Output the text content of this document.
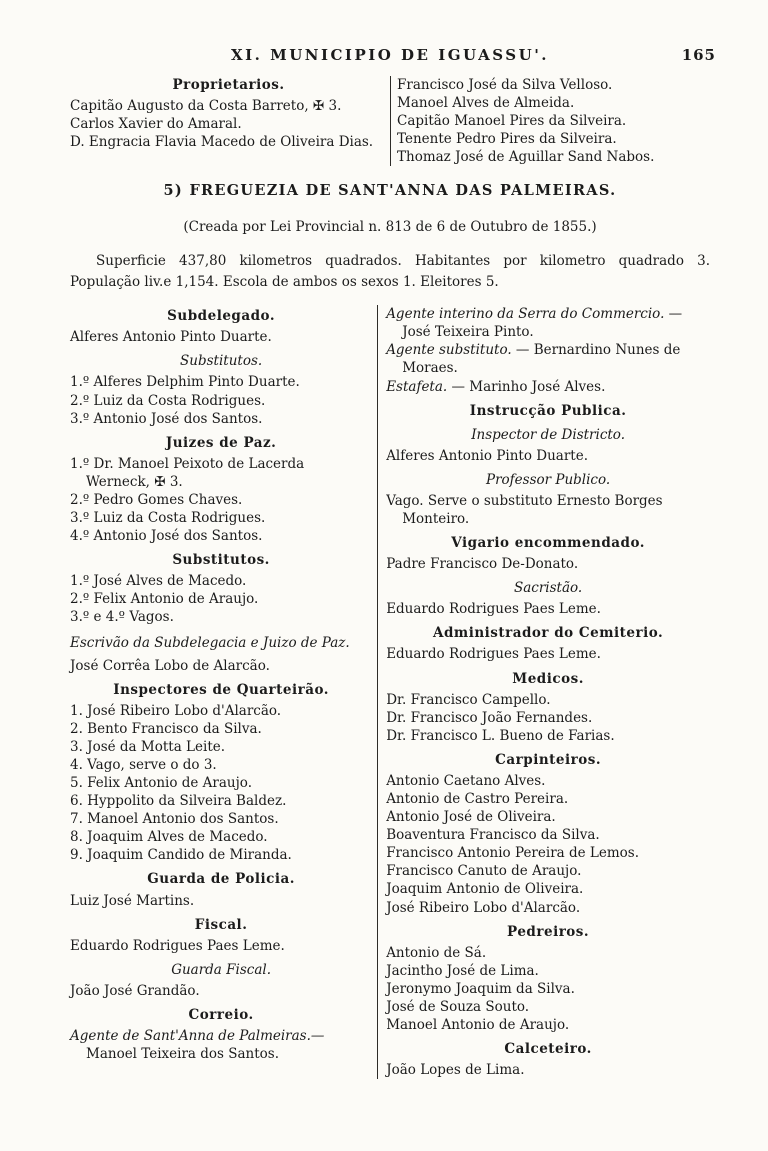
XI. MUNICIPIO DE IGUASSU'.	165
Proprietarios.
Capitão Augusto da Costa Barreto, ✠ 3.
Carlos Xavier do Amaral.
D. Engracia Flavia Macedo de Oliveira Dias.
Francisco José da Silva Velloso.
Manoel Alves de Almeida.
Capitão Manoel Pires da Silveira.
Tenente Pedro Pires da Silveira.
Thomaz José de Aguillar Sand Nabos.
5) FREGUEZIA DE SANT'ANNA DAS PALMEIRAS.
(Creada por Lei Provincial n. 813 de 6 de Outubro de 1855.)

Superficie 437,80 kilometros quadrados. Habitantes por kilometro quadrado 3. População liv.e 1,154. Escola de ambos os sexos 1. Eleitores 5.

Subdelegado.
Alferes Antonio Pinto Duarte.
Substitutos.
1.º Alferes Delphim Pinto Duarte.
2.º Luiz da Costa Rodrigues.
3.º Antonio José dos Santos.
Juizes de Paz.
1.º Dr. Manoel Peixoto de Lacerda Werneck, ✠ 3.
2.º Pedro Gomes Chaves.
3.º Luiz da Costa Rodrigues.
4.º Antonio José dos Santos.
Substitutos.
1.º José Alves de Macedo.
2.º Felix Antonio de Araujo.
3.º e 4.º Vagos.
Escrivão da Subdelegacia e Juizo de Paz.
José Corrêa Lobo de Alarcão.
Inspectores de Quarteirão.
1. José Ribeiro Lobo d'Alarcão.
2. Bento Francisco da Silva.
3. José da Motta Leite.
4. Vago, serve o do 3.
5. Felix Antonio de Araujo.
6. Hyppolito da Silveira Baldez.
7. Manoel Antonio dos Santos.
8. Joaquim Alves de Macedo.
9. Joaquim Candido de Miranda.
Guarda de Policia.
Luiz José Martins.
Fiscal.
Eduardo Rodrigues Paes Leme.
Guarda Fiscal.
João José Grandão.
Correio.
Agente de Sant'Anna de Palmeiras.— Manoel Teixeira dos Santos.
Agente interino da Serra do Commercio. —José Teixeira Pinto.
Agente substituto. — Bernardino Nunes de Moraes.
Estafeta. — Marinho José Alves.
Instrucção Publica.
Inspector de Districto.
Alferes Antonio Pinto Duarte.
Professor Publico.
Vago. Serve o substituto Ernesto Borges Monteiro.
Vigario encommendado.
Padre Francisco De-Donato.
Sacristão.
Eduardo Rodrigues Paes Leme.
Administrador do Cemiterio.
Eduardo Rodrigues Paes Leme.
Medicos.
Dr. Francisco Campello.
Dr. Francisco João Fernandes.
Dr. Francisco L. Bueno de Farias.
Carpinteiros.
Antonio Caetano Alves.
Antonio de Castro Pereira.
Antonio José de Oliveira.
Boaventura Francisco da Silva.
Francisco Antonio Pereira de Lemos.
Francisco Canuto de Araujo.
Joaquim Antonio de Oliveira.
José Ribeiro Lobo d'Alarcão.
Pedreiros.
Antonio de Sá.
Jacintho José de Lima.
Jeronymo Joaquim da Silva.
José de Souza Souto.
Manoel Antonio de Araujo.
Calceteiro.
João Lopes de Lima.
